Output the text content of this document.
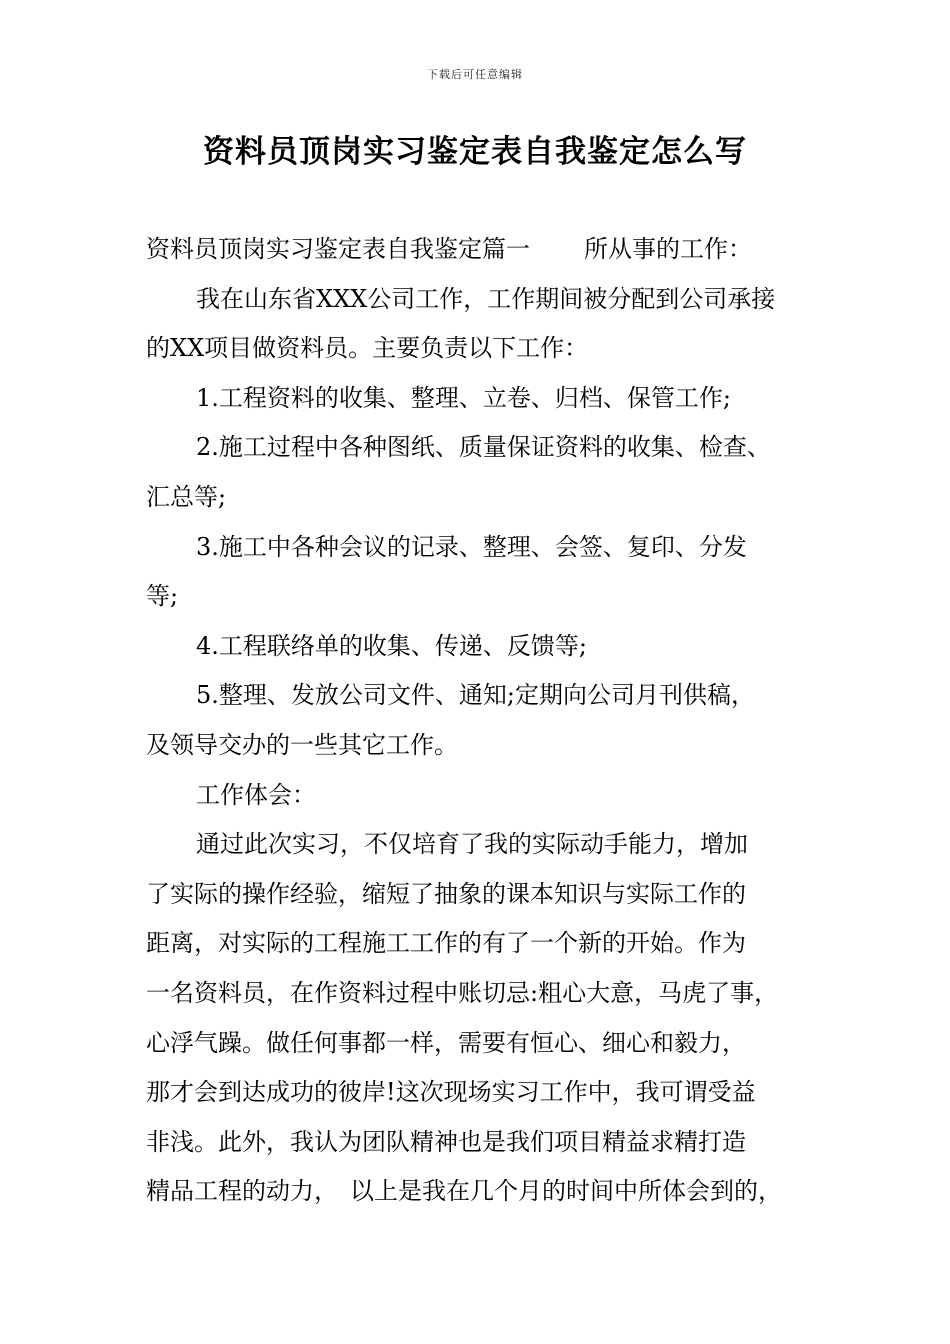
下载后可任意编辑
资料员顶岗实习鉴定表自我鉴定怎么写

资料员顶岗实习鉴定表自我鉴定篇一 所从事的工作：

我在山东省XXX公司工作，工作期间被分配到公司承接

的XX项目做资料员。主要负责以下工作：

1.工程资料的收集、整理、立卷、归档、保管工作;

2.施工过程中各种图纸、质量保证资料的收集、检查、

汇总等;

3.施工中各种会议的记录、整理、会签、复印、分发

等;

4.工程联络单的收集、传递、反馈等;

5.整理、发放公司文件、通知;定期向公司月刊供稿，

及领导交办的一些其它工作。

工作体会：

通过此次实习，不仅培育了我的实际动手能力，增加

了实际的操作经验，缩短了抽象的课本知识与实际工作的

距离，对实际的工程施工工作的有了一个新的开始。作为

一名资料员，在作资料过程中账切忌:粗心大意，马虎了事，

心浮气躁。做任何事都一样，需要有恒心、细心和毅力，

那才会到达成功的彼岸!这次现场实习工作中，我可谓受益

非浅。此外，我认为团队精神也是我们项目精益求精打造

精品工程的动力，　以上是我在几个月的时间中所体会到的，
